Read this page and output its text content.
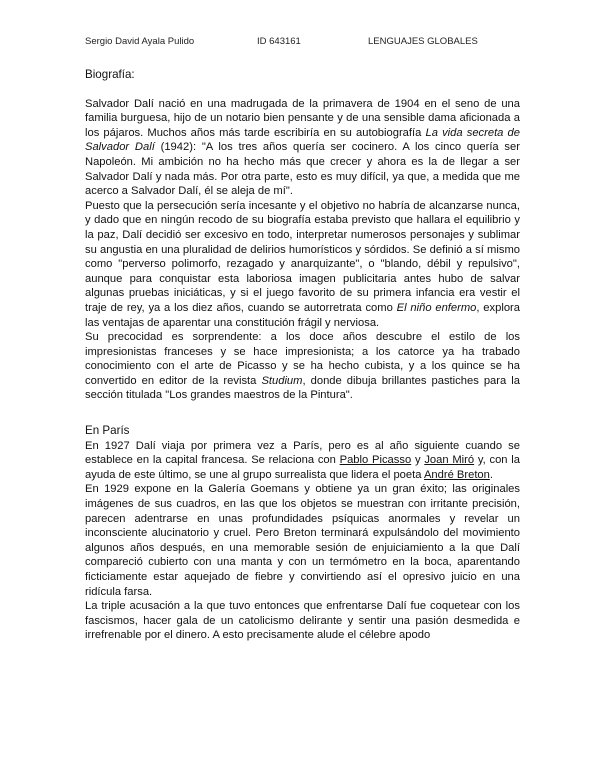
Sergio David Ayala Pulido	ID 643161	LENGUAJES GLOBALES
Biografía:

Salvador Dalí nació en una madrugada de la primavera de 1904 en el seno de una familia burguesa, hijo de un notario bien pensante y de una sensible dama aficionada a los pájaros. Muchos años más tarde escribiría en su autobiografía La vida secreta de Salvador Dalí (1942): "A los tres años quería ser cocinero. A los cinco quería ser Napoleón. Mi ambición no ha hecho más que crecer y ahora es la de llegar a ser Salvador Dalí y nada más. Por otra parte, esto es muy difícil, ya que, a medida que me acerco a Salvador Dalí, él se aleja de mí".

Puesto que la persecución sería incesante y el objetivo no habría de alcanzarse nunca, y dado que en ningún recodo de su biografía estaba previsto que hallara el equilibrio y la paz, Dalí decidió ser excesivo en todo, interpretar numerosos personajes y sublimar su angustia en una pluralidad de delirios humorísticos y sórdidos. Se definió a sí mismo como "perverso polimorfo, rezagado y anarquizante", o "blando, débil y repulsivo", aunque para conquistar esta laboriosa imagen publicitaria antes hubo de salvar algunas pruebas iniciáticas, y si el juego favorito de su primera infancia era vestir el traje de rey, ya a los diez años, cuando se autorretrata como El niño enfermo, explora las ventajas de aparentar una constitución frágil y nerviosa.

Su precocidad es sorprendente: a los doce años descubre el estilo de los impresionistas franceses y se hace impresionista; a los catorce ya ha trabado conocimiento con el arte de Picasso y se ha hecho cubista, y a los quince se ha convertido en editor de la revista Studium, donde dibuja brillantes pastiches para la sección titulada "Los grandes maestros de la Pintura".

En París

En 1927 Dalí viaja por primera vez a París, pero es al año siguiente cuando se establece en la capital francesa. Se relaciona con Pablo Picasso y Joan Miró y, con la ayuda de este último, se une al grupo surrealista que lidera el poeta André Breton.

En 1929 expone en la Galería Goemans y obtiene ya un gran éxito; las originales imágenes de sus cuadros, en las que los objetos se muestran con irritante precisión, parecen adentrarse en unas profundidades psíquicas anormales y revelar un inconsciente alucinatorio y cruel. Pero Breton terminará expulsándolo del movimiento algunos años después, en una memorable sesión de enjuiciamiento a la que Dalí compareció cubierto con una manta y con un termómetro en la boca, aparentando ficticiamente estar aquejado de fiebre y convirtiendo así el opresivo juicio en una ridícula farsa.

La triple acusación a la que tuvo entonces que enfrentarse Dalí fue coquetear con los fascismos, hacer gala de un catolicismo delirante y sentir una pasión desmedida e irrefrenable por el dinero. A esto precisamente alude el célebre apodo
